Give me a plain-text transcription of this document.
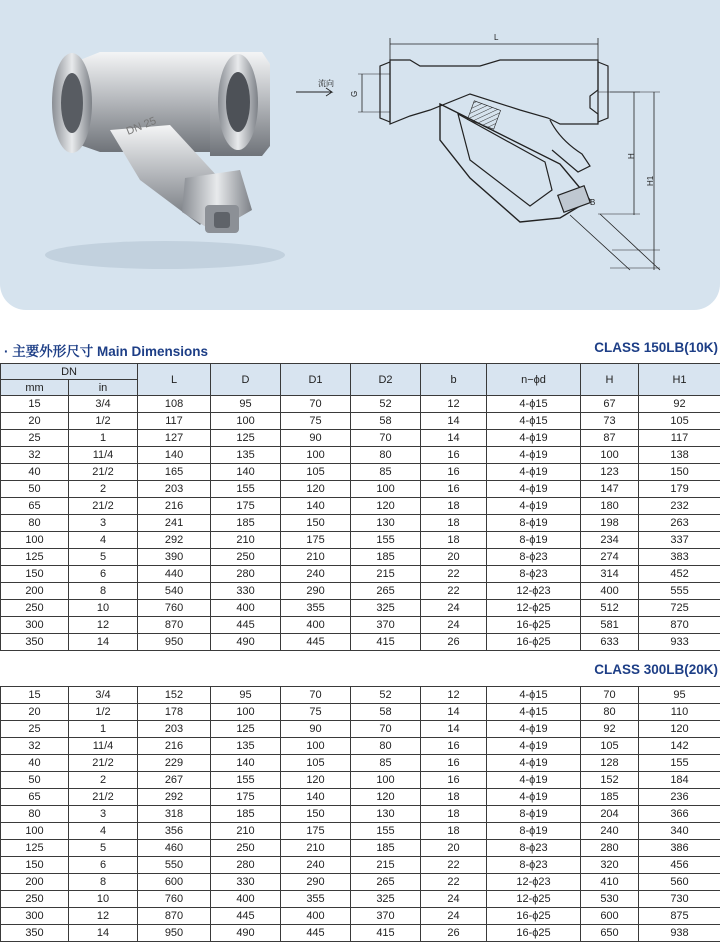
DN 25
流向
L
G
H
H1
B
· 主要外形尺寸 Main Dimensions	CLASS 150LB(10K)
DN		L	D	D1	D2	b	n−ϕd	H	H1
mm	in								
15	3/4	108	95	70	52	12	4-ϕ15	67	92
20	1/2	117	100	75	58	14	4-ϕ15	73	105
25	1	127	125	90	70	14	4-ϕ19	87	117
32	11/4	140	135	100	80	16	4-ϕ19	100	138
40	21/2	165	140	105	85	16	4-ϕ19	123	150
50	2	203	155	120	100	16	4-ϕ19	147	179
65	21/2	216	175	140	120	18	4-ϕ19	180	232
80	3	241	185	150	130	18	8-ϕ19	198	263
100	4	292	210	175	155	18	8-ϕ19	234	337
125	5	390	250	210	185	20	8-ϕ23	274	383
150	6	440	280	240	215	22	8-ϕ23	314	452
200	8	540	330	290	265	22	12-ϕ23	400	555
250	10	760	400	355	325	24	12-ϕ25	512	725
300	12	870	445	400	370	24	16-ϕ25	581	870
350	14	950	490	445	415	26	16-ϕ25	633	933
CLASS 300LB(20K)
15	3/4	152	95	70	52	12	4-ϕ15	70	95
20	1/2	178	100	75	58	14	4-ϕ15	80	110
25	1	203	125	90	70	14	4-ϕ19	92	120
32	11/4	216	135	100	80	16	4-ϕ19	105	142
40	21/2	229	140	105	85	16	4-ϕ19	128	155
50	2	267	155	120	100	16	4-ϕ19	152	184
65	21/2	292	175	140	120	18	4-ϕ19	185	236
80	3	318	185	150	130	18	8-ϕ19	204	366
100	4	356	210	175	155	18	8-ϕ19	240	340
125	5	460	250	210	185	20	8-ϕ23	280	386
150	6	550	280	240	215	22	8-ϕ23	320	456
200	8	600	330	290	265	22	12-ϕ23	410	560
250	10	760	400	355	325	24	12-ϕ25	530	730
300	12	870	445	400	370	24	16-ϕ25	600	875
350	14	950	490	445	415	26	16-ϕ25	650	938
